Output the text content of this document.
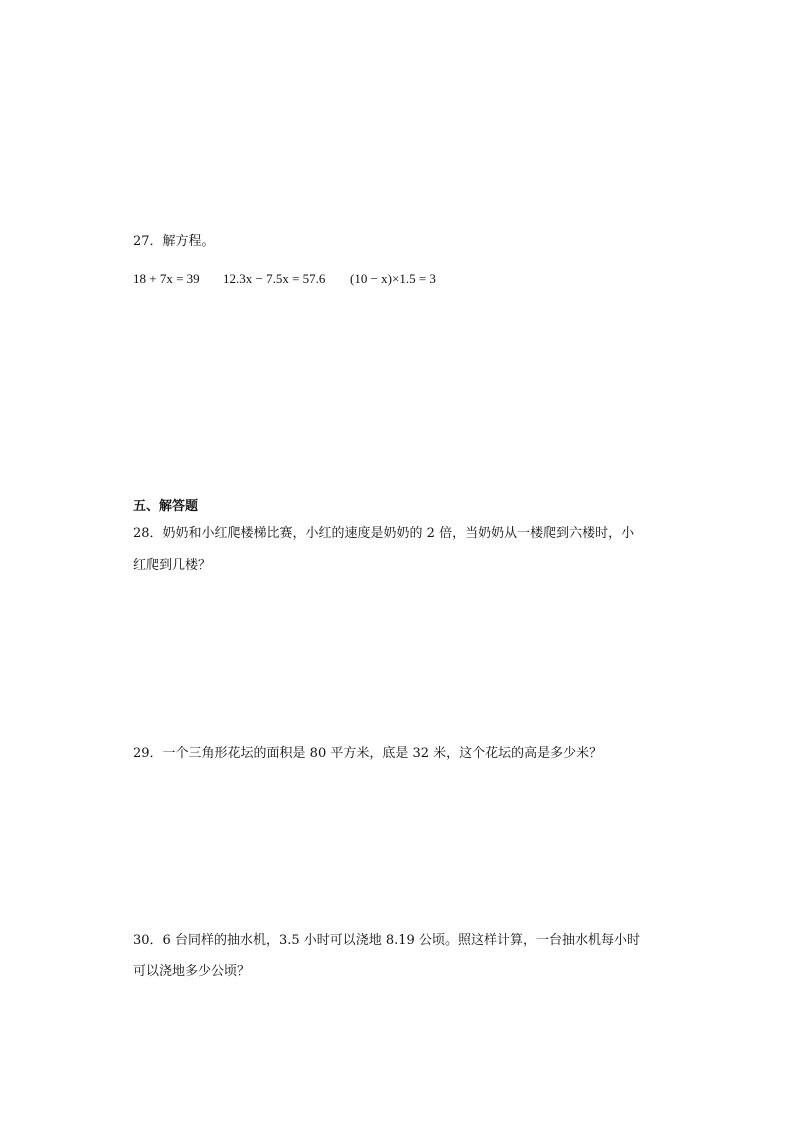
27．解方程。
18 + 7x = 39 12.3x − 7.5x = 57.6 (10 − x)×1.5 = 3
五、解答题
28．奶奶和小红爬楼梯比赛，小红的速度是奶奶的 2 倍，当奶奶从一楼爬到六楼时，小
红爬到几楼？
29．一个三角形花坛的面积是 80 平方米，底是 32 米，这个花坛的高是多少米？
30．6 台同样的抽水机，3.5 小时可以浇地 8.19 公顷。照这样计算，一台抽水机每小时
可以浇地多少公顷？
